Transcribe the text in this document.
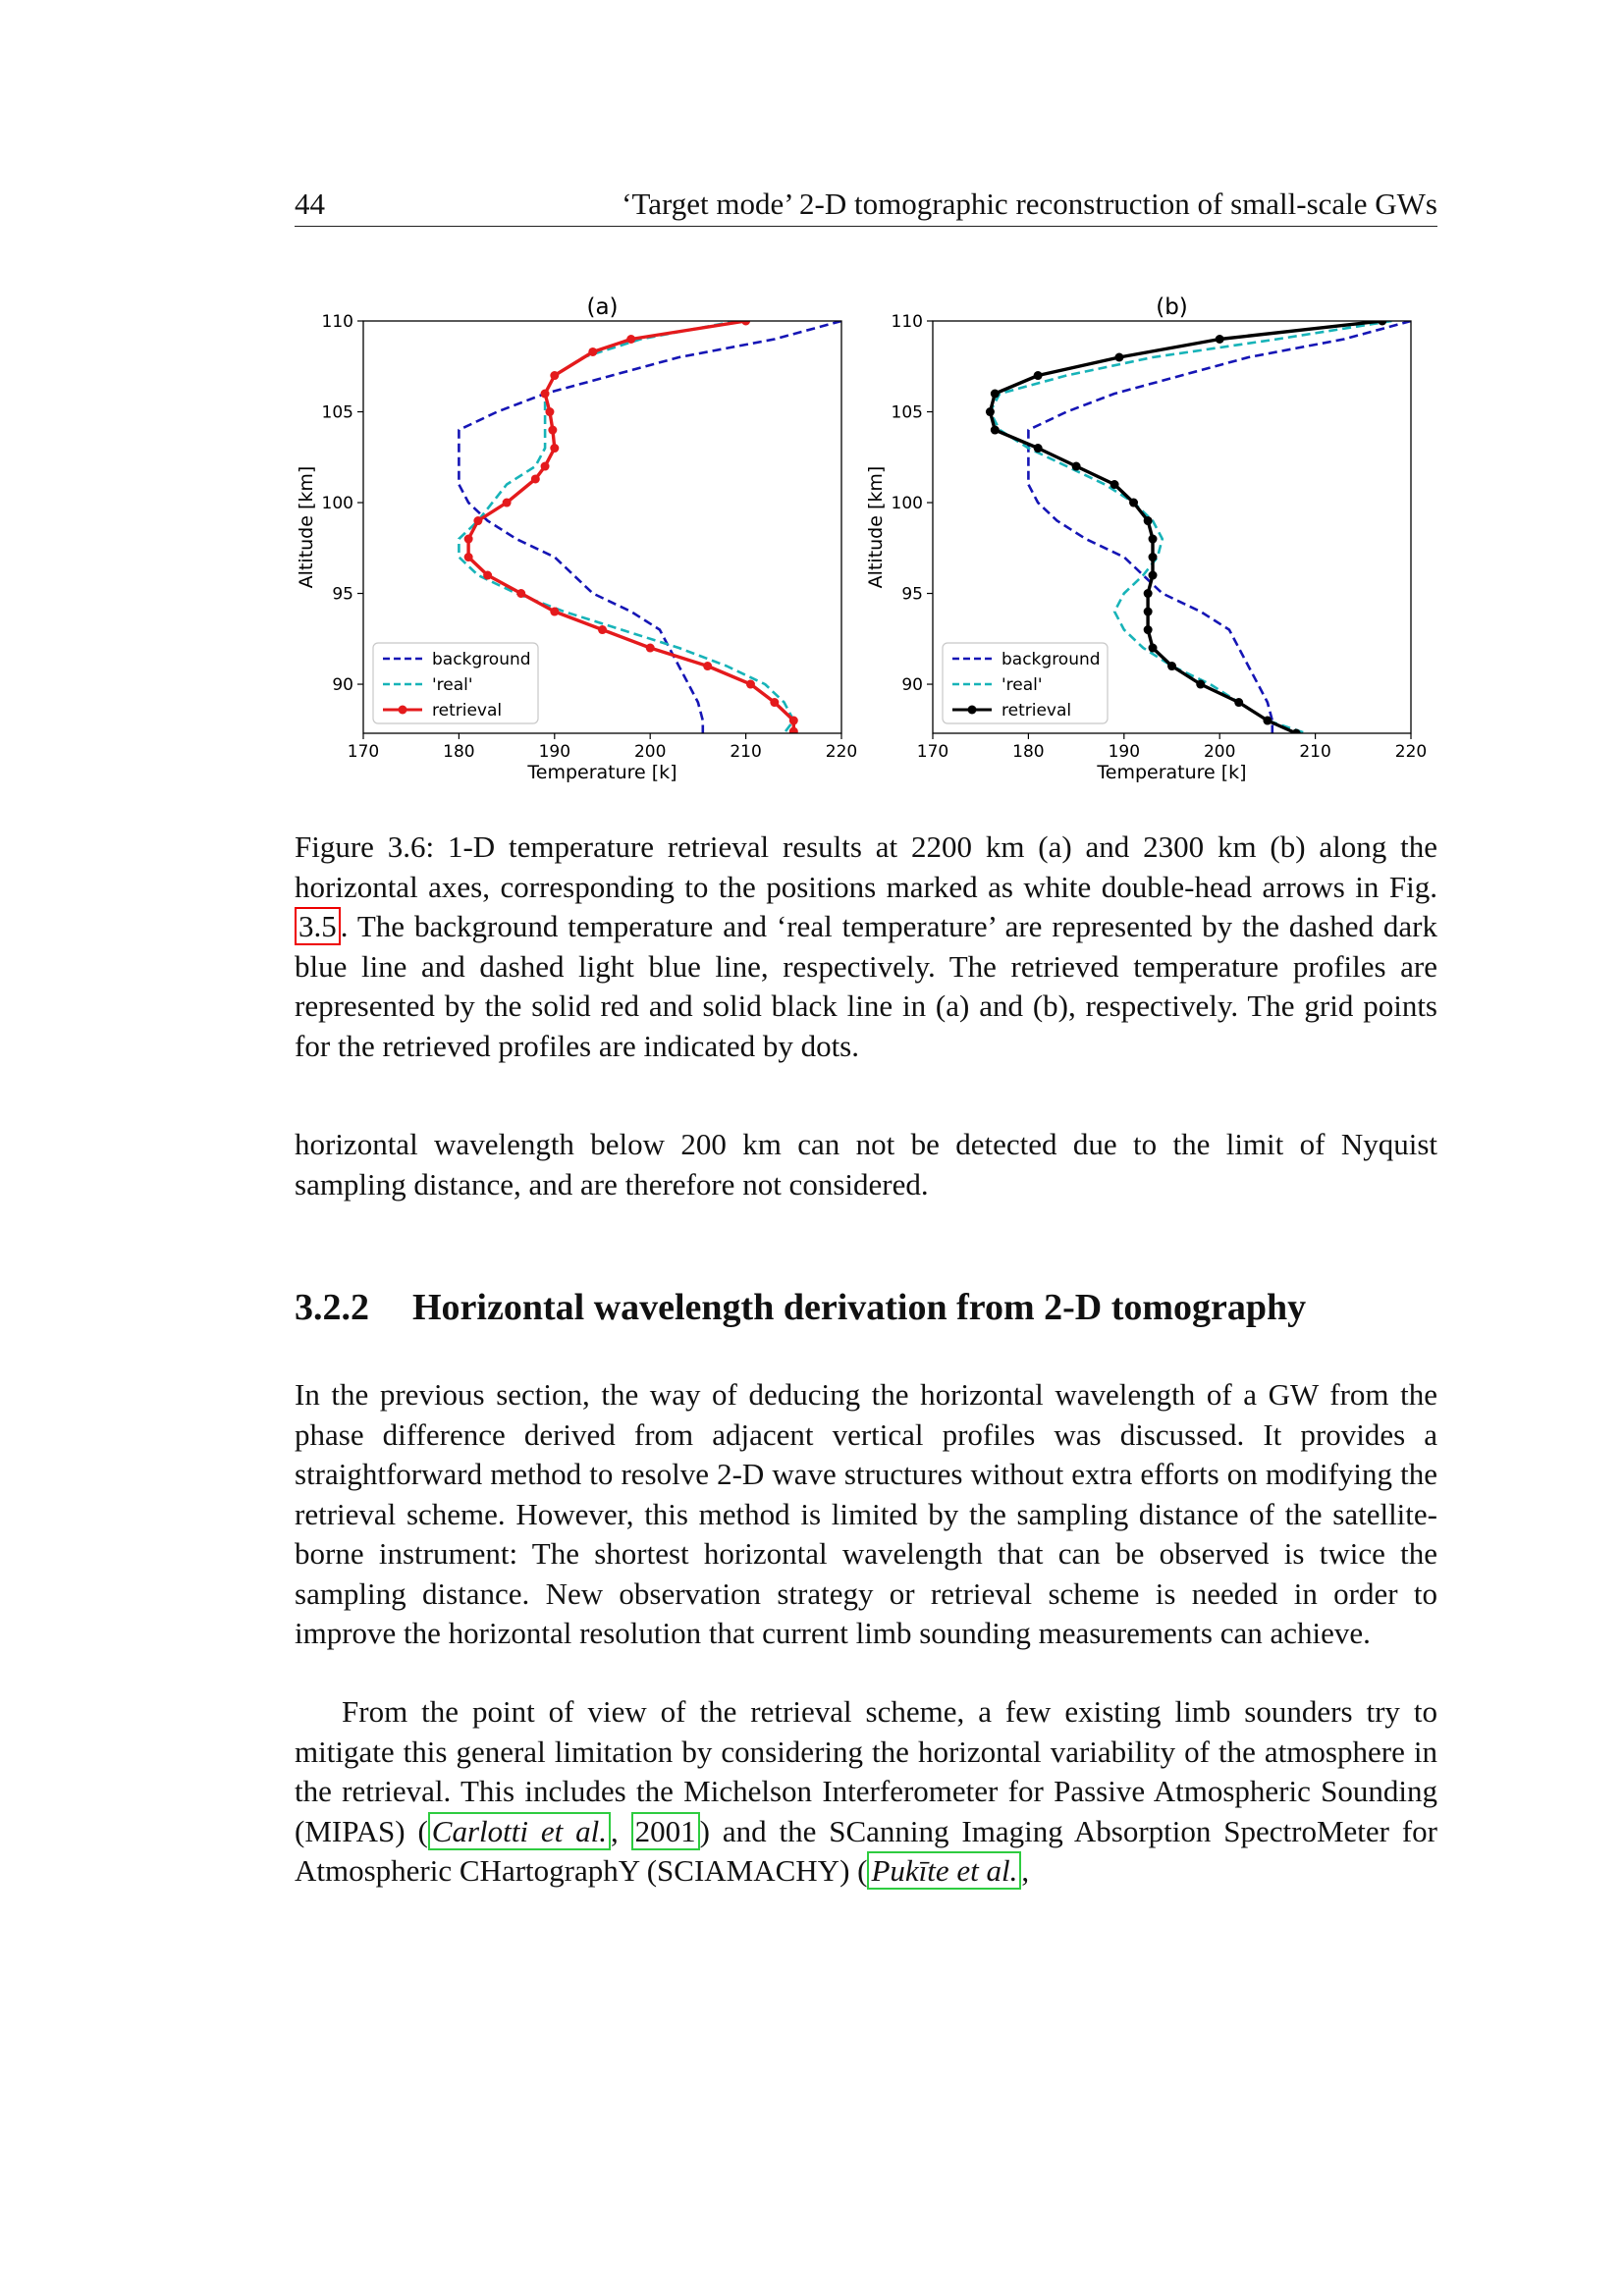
44	‘Target mode’ 2-D tomographic reconstruction of small-scale GWs
(a)
170	180	190	200	210	220
90
95
100
105
110
Temperature [k]
Altitude [km]
background
'real'
retrieval
(b)
170	180	190	200	210	220
90
95
100
105
110
Temperature [k]
Altitude [km]
background
'real'
retrieval
Figure 3.6: 1-D temperature retrieval results at 2200 km (a) and 2300 km (b) along the horizontal axes, corresponding to the positions marked as white double-head arrows in Fig. 3.5 . The background temperature and ‘real temperature’ are represented by the dashed dark blue line and dashed light blue line, respectively. The retrieved temperature profiles are represented by the solid red and solid black line in (a) and (b), respectively. The grid points for the retrieved profiles are indicated by dots.

horizontal wavelength below 200 km can not be detected due to the limit of Nyquist sampling distance, and are therefore not considered.

3.2.2 Horizontal wavelength derivation from 2-D tomography

In the previous section, the way of deducing the horizontal wavelength of a GW from the phase difference derived from adjacent vertical profiles was discussed. It provides a straightforward method to resolve 2-D wave structures without extra efforts on modifying the retrieval scheme. However, this method is limited by the sampling distance of the satellite-borne instrument: The shortest horizontal wavelength that can be observed is twice the sampling distance. New observation strategy or retrieval scheme is needed in order to improve the horizontal resolution that current limb sounding measurements can achieve.

From the point of view of the retrieval scheme, a few existing limb sounders try to mitigate this general limitation by considering the horizontal variability of the atmosphere in the retrieval. This includes the Michelson Interferometer for Passive Atmospheric Sounding (MIPAS) ( Carlotti et al. , 2001 ) and the SCanning Imaging Absorption SpectroMeter for Atmospheric CHartographY (SCIAMACHY) ( Pukīte et al. ,
